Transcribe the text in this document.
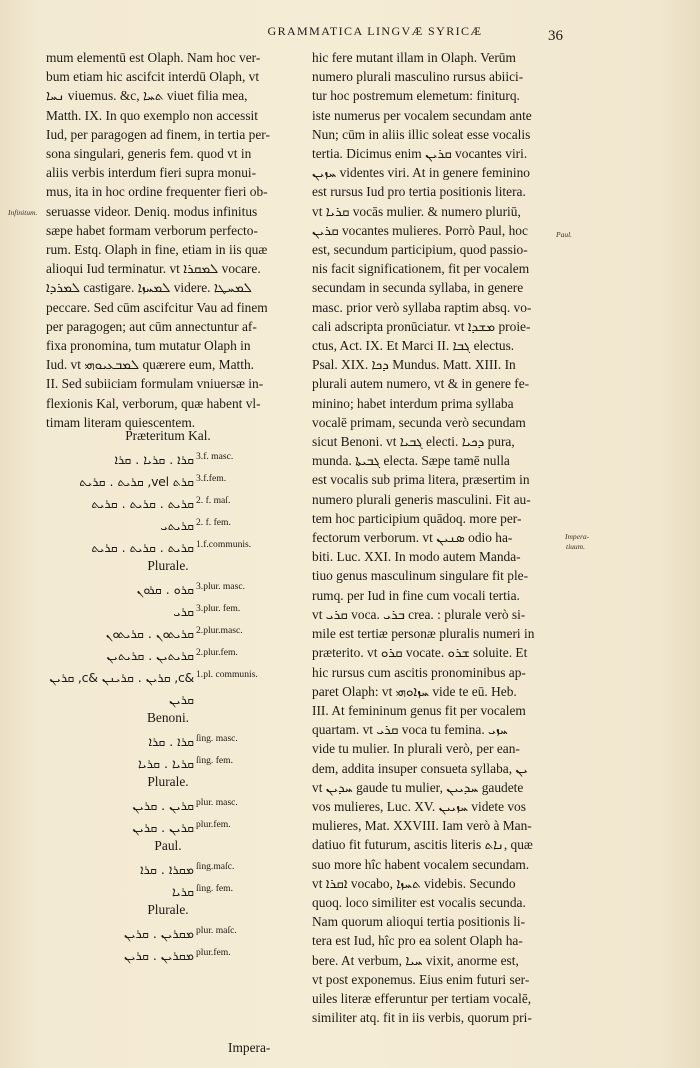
GRAMMATICA LINGVÆ SYRICÆ	36
mum elementū est Olaph. Nam hoc ver-
bum etiam hic ascifcit interdū Olaph, vt
ܢܚܐ viuemus. &c, ܬܚܐ viuet filia mea,
Matth. IX. In quo exemplo non accessit
Iud, per paragogen ad finem, in tertia per-
sona singulari, generis fem. quod vt in
aliis verbis interdum fieri supra monui-
mus, ita in hoc ordine frequenter fieri ob-
seruasse videor. Deniq. modus infinitus
sæpe habet formam verborum perfecto-
rum. Estq. Olaph in fine, etiam in iis quæ
alioqui Iud terminatur. vt ܠܡܩܪܐ vocare.
ܠܡܪܕܐ castigare. ܠܡܚܙܐ videre. ܠܡܚܛܐ
peccare. Sed cūm ascifcitur Vau ad finem
per paragogen; aut cūm annectuntur af-
fixa pronomina, tum mutatur Olaph in
Iud. vt ܠܡܒܥܝܘܗܝ quærere eum, Matth.
II. Sed subiiciam formulam vniuersæ in-
flexionis Kal, verborum, quæ habent vl-
timam literam quiescentem.
hic fere mutant illam in Olaph. Verūm
numero plurali masculino rursus abiici-
tur hoc postremum elemetum: finiturq.
iste numerus per vocalem secundam ante
Nun; cūm in aliis illic soleat esse vocalis
tertia. Dicimus enim ܩܪܝܢ vocantes viri.
ܚܙܝܢ videntes viri. At in genere feminino
est rursus Iud pro tertia positionis litera.
vt ܩܪܝܐ vocās mulier. & numero pluriū,
ܩܪܝܢ vocantes mulieres. Porrò Paul, hoc
est, secundum participium, quod passio-
nis facit significationem, fit per vocalem
secundam in secunda syllaba, in genere
masc. prior verò syllaba raptim absq. vo-
cali adscripta pronūciatur. vt ܡܫܕܐ proie-
ctus, Act. IX. Et Marci II. ܓܒܐ electus.
Psal. XIX. ܕܟܐ Mundus. Matt. XIII. In
plurali autem numero, vt & in genere fe-
minino; habet interdum prima syllaba
vocalē primam, secunda verò secundam
sicut Benoni. vt ܓܒܝܐ electi. ܕܟܝܐ pura,
munda. ܓܒܝܬܐ electa. Sæpe tamē nulla
est vocalis sub prima litera, præsertim in
numero plurali generis masculini. Fit au-
tem hoc participium quādoq. more per-
fectorum verborum. vt ܣܢܝܢ odio ha-
biti. Luc. XXI. In modo autem Manda-
tiuo genus masculinum singulare fit ple-
rumq. per Iud in fine cum vocali tertia.
vt ܩܪܝ voca. ܒܪܝ crea. : plurale verò si-
mile est tertiæ personæ pluralis numeri in
præterito. vt ܩܪܘ vocate. ܫܪܘ soluite. Et
hic rursus cum ascitis pronominibus ap-
paret Olaph: vt ܚܙܐܘܗܝ vide te eū. Heb.
III. At femininum genus fit per vocalem
quartam. vt ܩܪܝ voca tu femina. ܚܙܝ
vide tu mulier. In plurali verò, per ean-
dem, addita insuper consueta syllaba, ܝܢ
vt ܚܕܝܢ gaude tu mulier, ܚܕܝܝܢ gaudete
vos mulieres, Luc. XV. ܚܙܝܝܢ videte vos
mulieres, Mat. XXVIII. Iam verò à Man-
datiuo fit futurum, ascitis literis ܢܐܬ, quæ
suo more hîc habent vocalem secundam.
vt ܐܩܪܐ vocabo, ܬܚܙܐ videbis. Secundo
quoq. loco similiter est vocalis secunda.
Nam quorum alioqui tertia positionis li-
tera est Iud, hîc pro ea solent Olaph ha-
bere. At verbum, ܚܝܐ vixit, anorme est,
vt post exponemus. Eius enim futuri ser-
uiles literæ efferuntur per tertiam vocalē,
similiter atq. fit in iis verbis, quorum pri-
Infinitum.
Paul.
Impera-
tiuum.
Præteritum Kal.
ܩܪܐ . ܩܪܝܐ . ܩܪܐ 3.f. masc.
ܩܪܬ vel, ܩܪܝܬ . ܩܪܝܬ 3.f.fem.
ܩܪܝܬ . ܩܪܝܬ . ܩܪܝܬ 2. f. maſ.
ܩܪܝܬܝ 2. f. fem.
ܩܪܝܬ . ܩܪܝܬ . ܩܪܝܬ 1.f.communis.
Plurale.
ܩܪܘ . ܩܪܘܢ 3.plur. masc.
ܩܪܝ 3.plur. fem.
ܩܪܝܬܘܢ . ܩܪܝܬܘܢ 2.plur.masc.
ܩܪܝܬܝܢ . ܩܪܝܬܝܢ 2.plur.fem.
&c, ܩܪܝܢ . ܩܪܝܢܢ &c, ܩܪܝܢ 1.pl. communis.
ܩܪܝܢ
Benoni.
ܩܪܐ . ܩܪܐ ſing. masc.
ܩܪܝܐ . ܩܪܝܐ ſing. fem.
Plurale.
ܩܪܝܢ . ܩܪܝܢ plur. masc.
ܩܪܝܢ . ܩܪܝܢ plur.fem.
Paul.
ܡܩܪܐ . ܩܪܐ ſing.maſc.
ܩܪܝܐ ſing. fem.
Plurale.
ܡܩܪܝܢ . ܩܪܝܢ plur. maſc.
ܡܩܪܝܢ . ܩܪܝܢ plur.fem.
Impera-
